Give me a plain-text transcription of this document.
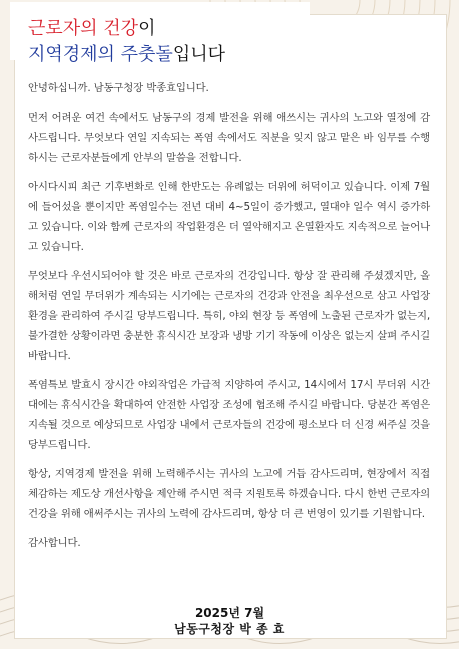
근로자의 건강이
지역경제의 주춧돌입니다

안녕하십니까. 남동구청장 박종효입니다.

먼저 어려운 여건 속에서도 남동구의 경제 발전을 위해 애쓰시는 귀사의 노고와 열정에 감사드립니다. 무엇보다 연일 지속되는 폭염 속에서도 직분을 잊지 않고 맡은 바 임무를 수행하시는 근로자분들에게 안부의 말씀을 전합니다.

아시다시피 최근 기후변화로 인해 한반도는 유례없는 더위에 허덕이고 있습니다. 이제 7월에 들어섰을 뿐이지만 폭염일수는 전년 대비 4~5일이 증가했고, 열대야 일수 역시 증가하고 있습니다. 이와 함께 근로자의 작업환경은 더 열악해지고 온열환자도 지속적으로 늘어나고 있습니다.

무엇보다 우선시되어야 할 것은 바로 근로자의 건강입니다. 항상 잘 관리해 주셨겠지만, 올해처럼 연일 무더위가 계속되는 시기에는 근로자의 건강과 안전을 최우선으로 삼고 사업장 환경을 관리하여 주시길 당부드립니다. 특히, 야외 현장 등 폭염에 노출된 근로자가 없는지, 불가결한 상황이라면 충분한 휴식시간 보장과 냉방 기기 작동에 이상은 없는지 살펴 주시길 바랍니다.

폭염특보 발효시 장시간 야외작업은 가급적 지양하여 주시고, 14시에서 17시 무더위 시간대에는 휴식시간을 확대하여 안전한 사업장 조성에 협조해 주시길 바랍니다. 당분간 폭염은 지속될 것으로 예상되므로 사업장 내에서 근로자들의 건강에 평소보다 더 신경 써주실 것을 당부드립니다.

항상, 지역경제 발전을 위해 노력해주시는 귀사의 노고에 거듭 감사드리며, 현장에서 직접 체감하는 제도상 개선사항을 제안해 주시면 적극 지원토록 하겠습니다. 다시 한번 근로자의 건강을 위해 애써주시는 귀사의 노력에 감사드리며, 항상 더 큰 번영이 있기를 기원합니다.

감사합니다.

2025년 7월
남동구청장 박 종 효
